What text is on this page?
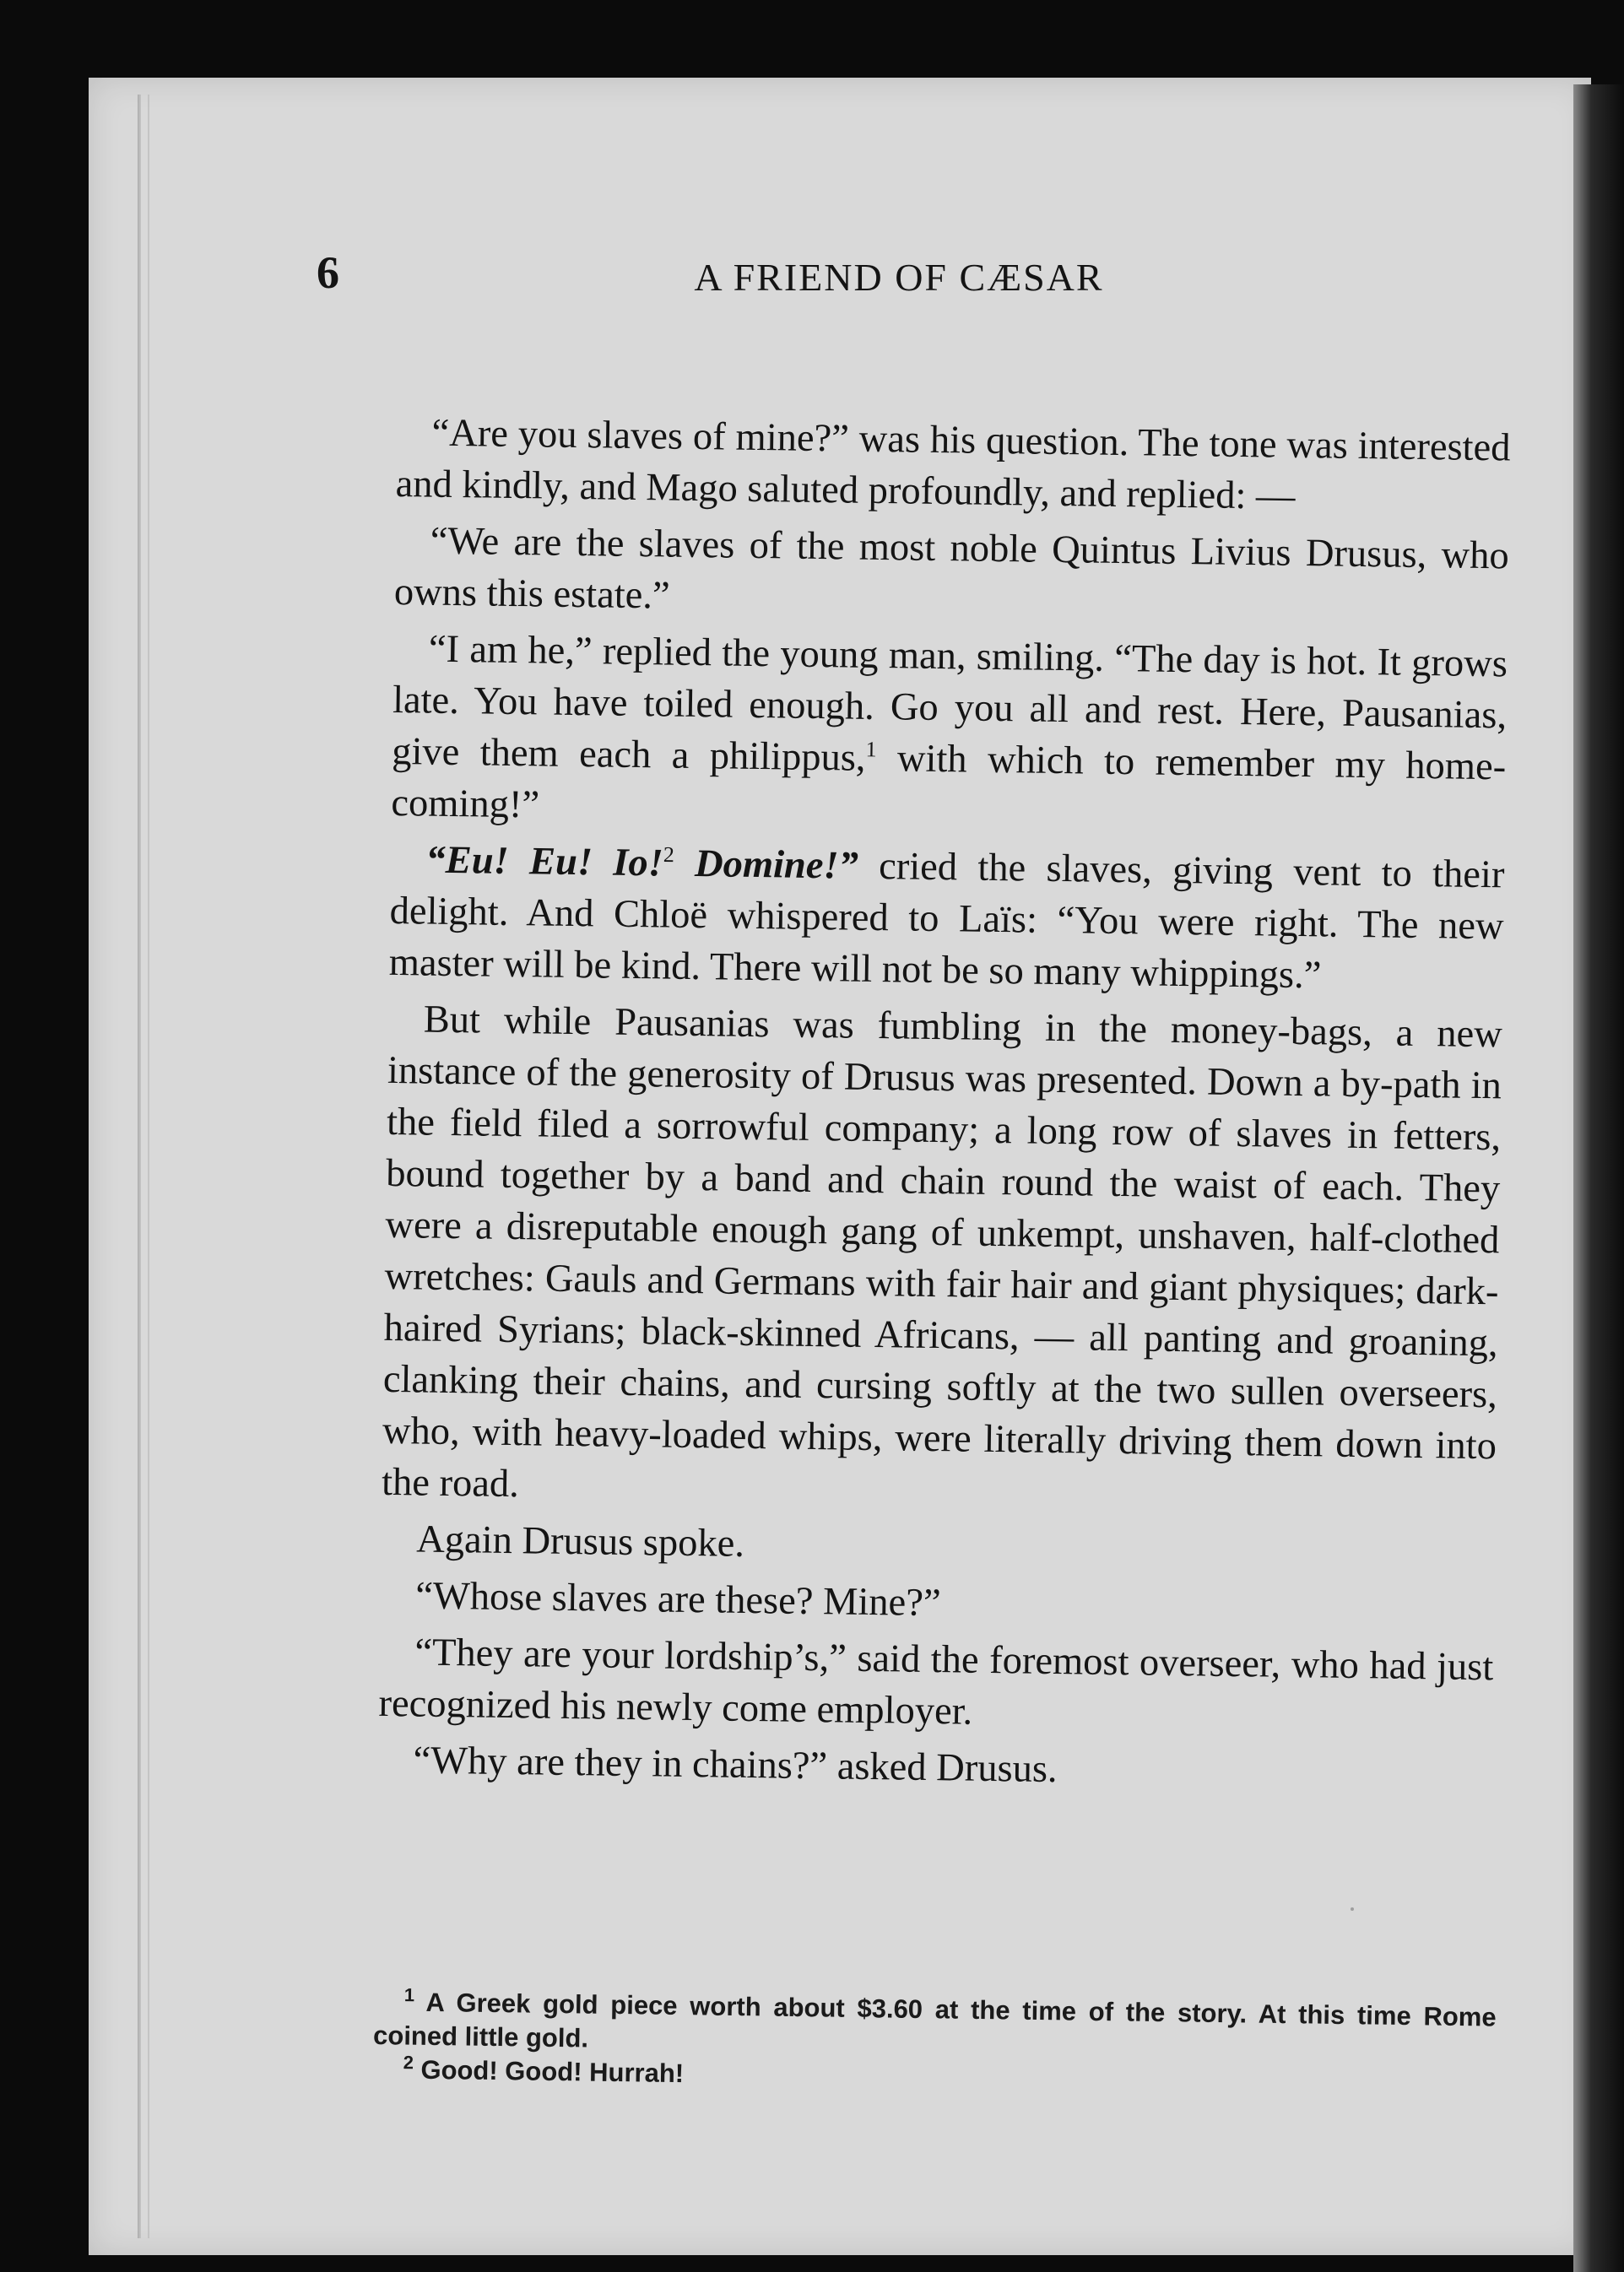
6	A FRIEND OF CÆSAR

“Are you slaves of mine?” was his question. The tone was interested and kindly, and Mago saluted profoundly, and replied: —

“We are the slaves of the most noble Quintus Livius Drusus, who owns this estate.”

“I am he,” replied the young man, smiling. “The day is hot. It grows late. You have toiled enough. Go you all and rest. Here, Pausanias, give them each a philippus,$^1$ with which to remember my home-coming!”

“Eu! Eu! Io!$^2$ Domine!” cried the slaves, giving vent to their delight. And Chloë whispered to Laïs: “You were right. The new master will be kind. There will not be so many whippings.”

But while Pausanias was fumbling in the money-bags, a new instance of the generosity of Drusus was presented. Down a by-path in the field filed a sorrowful company; a long row of slaves in fetters, bound together by a band and chain round the waist of each. They were a disreputable enough gang of unkempt, unshaven, half-clothed wretches: Gauls and Germans with fair hair and giant physiques; dark-haired Syrians; black-skinned Africans, — all panting and groaning, clanking their chains, and cursing softly at the two sullen overseers, who, with heavy-loaded whips, were literally driving them down into the road.

Again Drusus spoke.

“Whose slaves are these? Mine?”

“They are your lordship’s,” said the foremost overseer, who had just recognized his newly come employer.

“Why are they in chains?” asked Drusus.

$^1$ A Greek gold piece worth about $3.60 at the time of the story. At this time Rome coined little gold.

$^2$ Good! Good! Hurrah!
